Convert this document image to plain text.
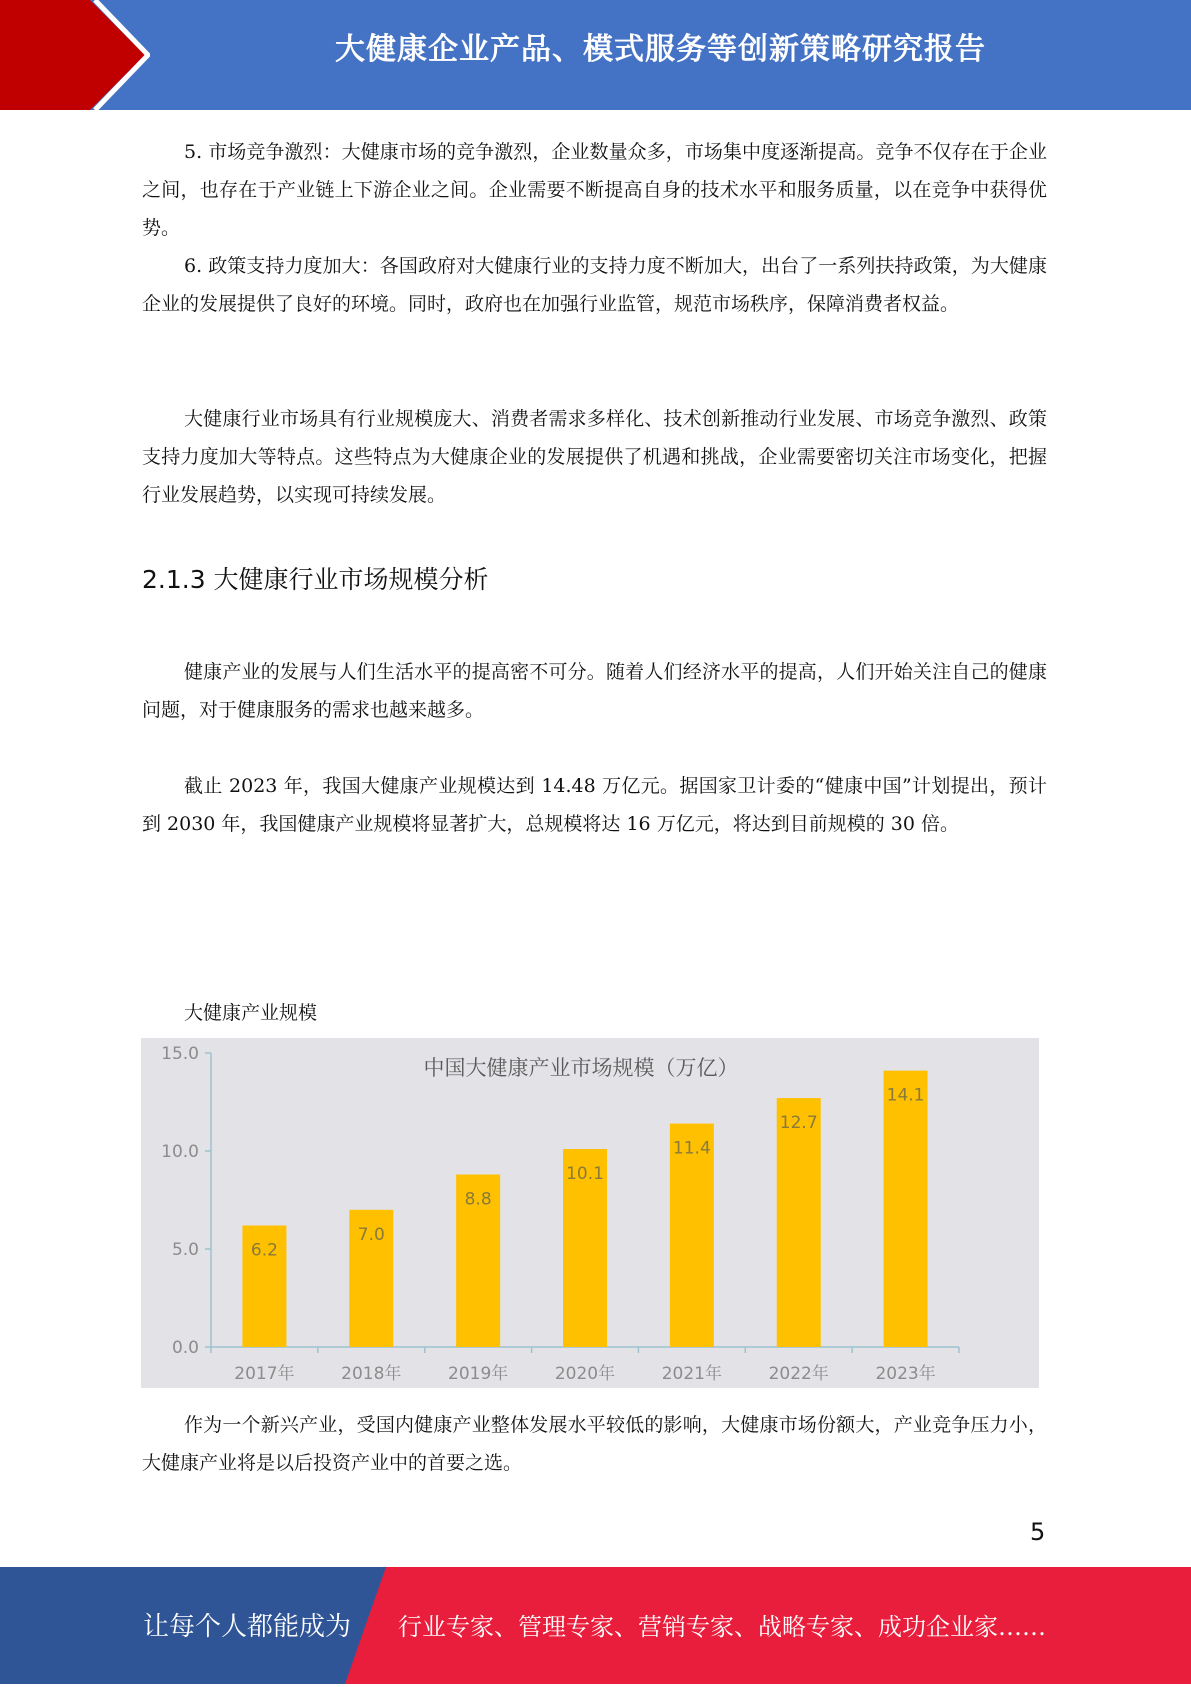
大健康企业产品、模式服务等创新策略研究报告

5. 市场竞争激烈：大健康市场的竞争激烈，企业数量众多，市场集中度逐渐提高。竞争不仅存在于企业之间，也存在于产业链上下游企业之间。企业需要不断提高自身的技术水平和服务质量，以在竞争中获得优势。

6. 政策支持力度加大：各国政府对大健康行业的支持力度不断加大，出台了一系列扶持政策，为大健康企业的发展提供了良好的环境。同时，政府也在加强行业监管，规范市场秩序，保障消费者权益。

大健康行业市场具有行业规模庞大、消费者需求多样化、技术创新推动行业发展、市场竞争激烈、政策支持力度加大等特点。这些特点为大健康企业的发展提供了机遇和挑战，企业需要密切关注市场变化，把握行业发展趋势，以实现可持续发展。

2.1.3 大健康行业市场规模分析

健康产业的发展与人们生活水平的提高密不可分。随着人们经济水平的提高，人们开始关注自己的健康问题，对于健康服务的需求也越来越多。

截止 2023 年，我国大健康产业规模达到 14.48 万亿元。据国家卫计委的“健康中国”计划提出，预计到 2030 年，我国健康产业规模将显著扩大，总规模将达 16 万亿元，将达到目前规模的 30 倍。

大健康产业规模
中国大健康产业市场规模（万亿）
0.0
5.0
10.0
15.0
6.2
2017年
7.0
2018年
8.8
2019年
10.1
2020年
11.4
2021年
12.7
2022年
14.1
2023年

作为一个新兴产业，受国内健康产业整体发展水平较低的影响，大健康市场份额大，产业竞争压力小，大健康产业将是以后投资产业中的首要之选。

5
让每个人都能成为 行业专家、管理专家、营销专家、战略专家、成功企业家……
